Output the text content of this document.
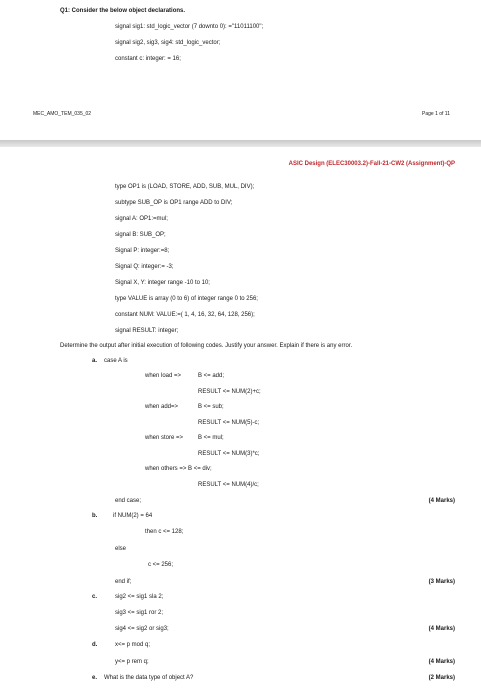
Q1: Consider the below object declarations.
signal sig1: std_logic_vector (7 downto 0): ="11011100";
signal sig2, sig3, sig4: std_logic_vector;
constant c: integer: = 16;
MEC_AMO_TEM_035_02	Page 1 of 11
ASIC Design (ELEC30003.2)-Fall-21-CW2 (Assignment)-QP
type OP1 is (LOAD, STORE, ADD, SUB, MUL, DIV);
subtype SUB_OP is OP1 range ADD to DIV;
signal A: OP1:=mul;
signal B: SUB_OP;
Signal P: integer:=8;
Signal Q: integer:= -3;
Signal X, Y: integer range -10 to 10;
type VALUE is array (0 to 6) of integer range 0 to 256;
constant NUM: VALUE:=( 1, 4, 16, 32, 64, 128, 256);
signal RESULT: integer;
Determine the output after initial execution of following codes. Justify your answer. Explain if there is any error.
a. case A is
when load =>	B <= add;
RESULT <= NUM(2)+c;
when add=>	B <= sub;
RESULT <= NUM(5)-c;
when store => B <= mul;
RESULT <= NUM(3)*c;
when others => B <= div;
RESULT <= NUM(4)/c;
end case;	(4 Marks)
b.	if NUM(2) = 64
then c <= 128;
else
c <= 256;
end if;	(3 Marks)
c.	sig2 <= sig1 sla 2;
sig3 <= sig1 ror 2;
sig4 <= sig2 or sig3;	(4 Marks)
d.	x<= p mod q;
y<= p rem q;	(4 Marks)
e. What is the data type of object A?	(2 Marks)
